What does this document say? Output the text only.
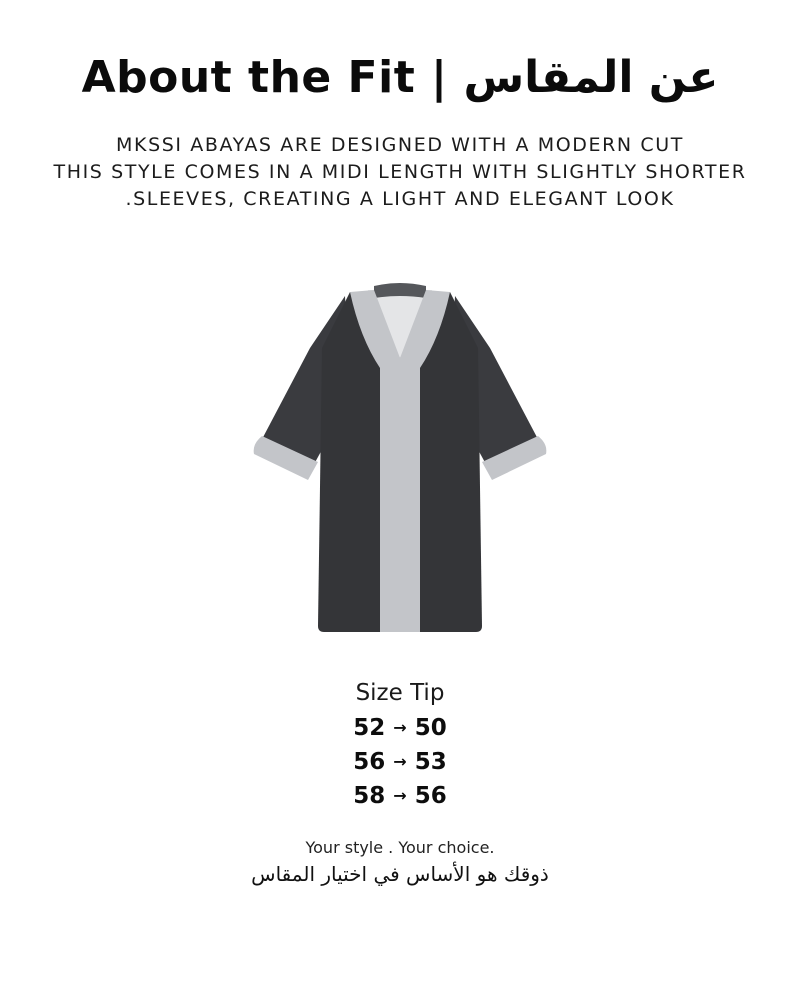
About the Fit | عن المقاس
MKSSI ABAYAS ARE DESIGNED WITH A MODERN CUT
THIS STYLE COMES IN A MIDI LENGTH WITH SLIGHTLY SHORTER
.SLEEVES, CREATING A LIGHT AND ELEGANT LOOK
Size Tip
52 → 50
56 → 53
58 → 56
Your style . Your choice.
ذوقك هو الأساس في اختيار المقاس
